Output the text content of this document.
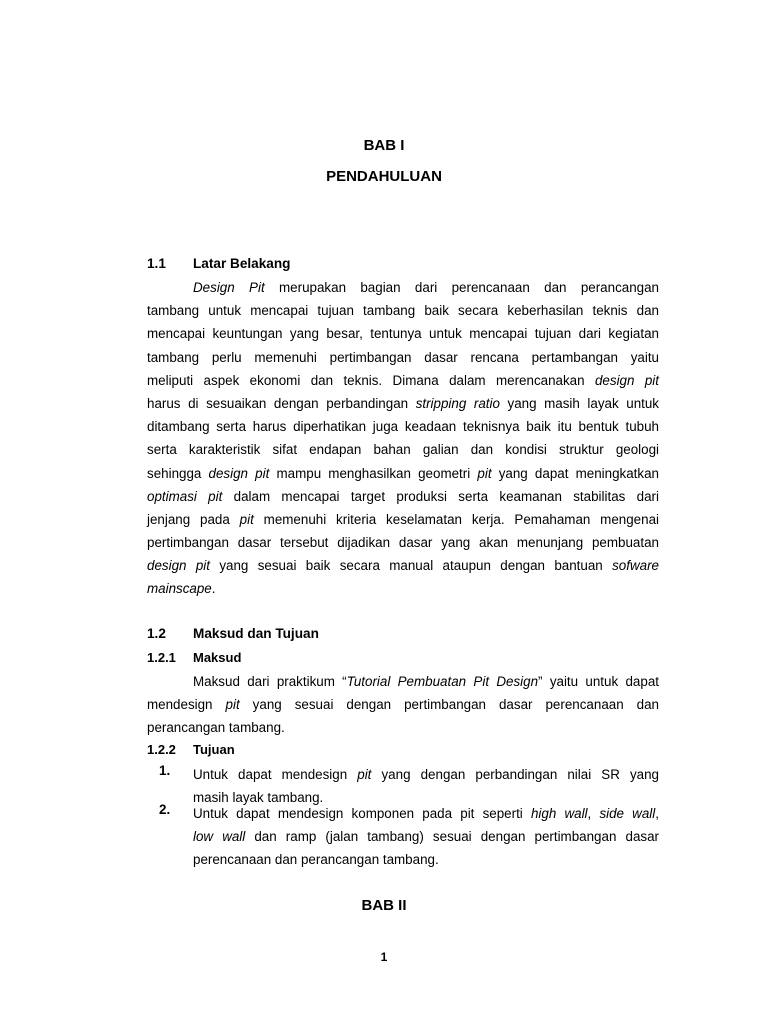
BAB I
PENDAHULUAN
1.1 Latar Belakang
Design Pit merupakan bagian dari perencanaan dan perancangan
tambang untuk mencapai tujuan tambang baik secara keberhasilan teknis dan
mencapai keuntungan yang besar, tentunya untuk mencapai tujuan dari kegiatan
tambang perlu memenuhi pertimbangan dasar rencana pertambangan yaitu
meliputi aspek ekonomi dan teknis. Dimana dalam merencanakan design pit
harus di sesuaikan dengan perbandingan stripping ratio yang masih layak untuk
ditambang serta harus diperhatikan juga keadaan teknisnya baik itu bentuk tubuh
serta karakteristik sifat endapan bahan galian dan kondisi struktur geologi
sehingga design pit mampu menghasilkan geometri pit yang dapat meningkatkan
optimasi pit dalam mencapai target produksi serta keamanan stabilitas dari
jenjang pada pit memenuhi kriteria keselamatan kerja. Pemahaman mengenai
pertimbangan dasar tersebut dijadikan dasar yang akan menunjang pembuatan
design pit yang sesuai baik secara manual ataupun dengan bantuan sofware
mainscape.
1.2 Maksud dan Tujuan
1.2.1 Maksud
Maksud dari praktikum “Tutorial Pembuatan Pit Design” yaitu untuk dapat
mendesign pit yang sesuai dengan pertimbangan dasar perencanaan dan
perancangan tambang.
1.2.2 Tujuan
1. Untuk dapat mendesign pit yang dengan perbandingan nilai SR yang
masih layak tambang.
2. Untuk dapat mendesign komponen pada pit seperti high wall, side wall,
low wall dan ramp (jalan tambang) sesuai dengan pertimbangan dasar
perencanaan dan perancangan tambang.
BAB II
1
